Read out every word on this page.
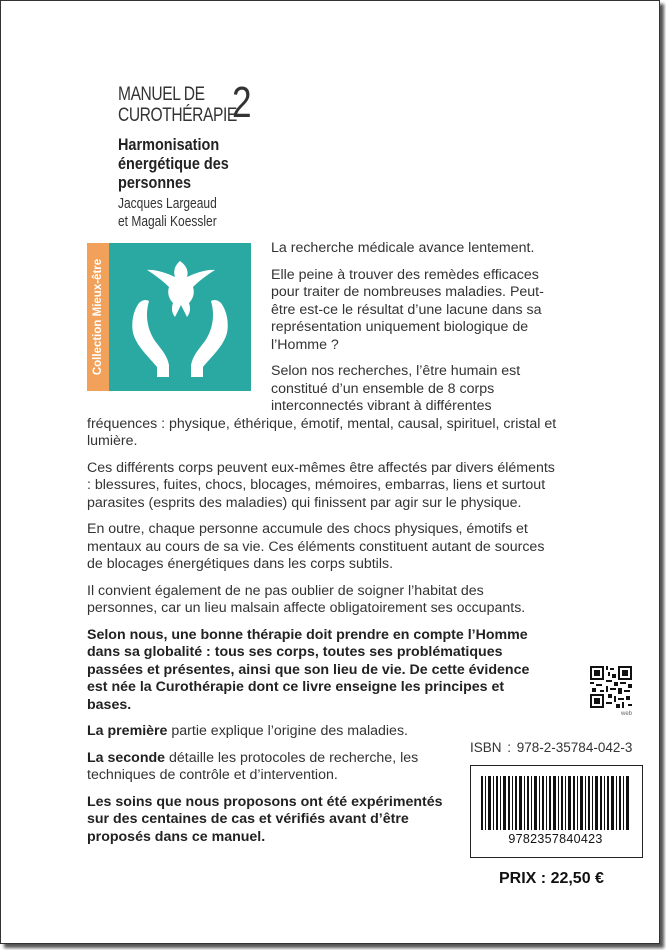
MANUEL DE
CUROTHÉRAPIE
2
Harmonisation énergétique des personnes
Jacques Largeaud
et Magali Koessler
Collection Mieux-être

La recherche médicale avance lentement.

Elle peine à trouver des remèdes efficaces pour traiter de nombreuses maladies. Peut-être est-ce le résultat d’une lacune dans sa représentation uniquement biologique de l’Homme ?

Selon nos recherches, l’être humain est constitué d’un ensemble de 8 corps interconnectés vibrant à différentes

fréquences : physique, éthérique, émotif, mental, causal, spirituel, cristal et lumière.

Ces différents corps peuvent eux-mêmes être affectés par divers éléments : blessures, fuites, chocs, blocages, mémoires, embarras, liens et surtout parasites (esprits des maladies) qui finissent par agir sur le physique.

En outre, chaque personne accumule des chocs physiques, émotifs et mentaux au cours de sa vie. Ces éléments constituent autant de sources de blocages énergétiques dans les corps subtils.

Il convient également de ne pas oublier de soigner l’habitat des personnes, car un lieu malsain affecte obligatoirement ses occupants.

Selon nous, une bonne thérapie doit prendre en compte l’Homme dans sa globalité : tous ses corps, toutes ses problématiques passées et présentes, ainsi que son lieu de vie. De cette évidence est née la Curothérapie dont ce livre enseigne les principes et bases.

La première partie explique l’origine des maladies.

La seconde détaille les protocoles de recherche, les techniques de contrôle et d’intervention.

Les soins que nous proposons ont été expérimentés sur des centaines de cas et vérifiés avant d’être proposés dans ce manuel.

web
ISBN : 978-2-35784-042-3
9782357840423
PRIX : 22,50 €
